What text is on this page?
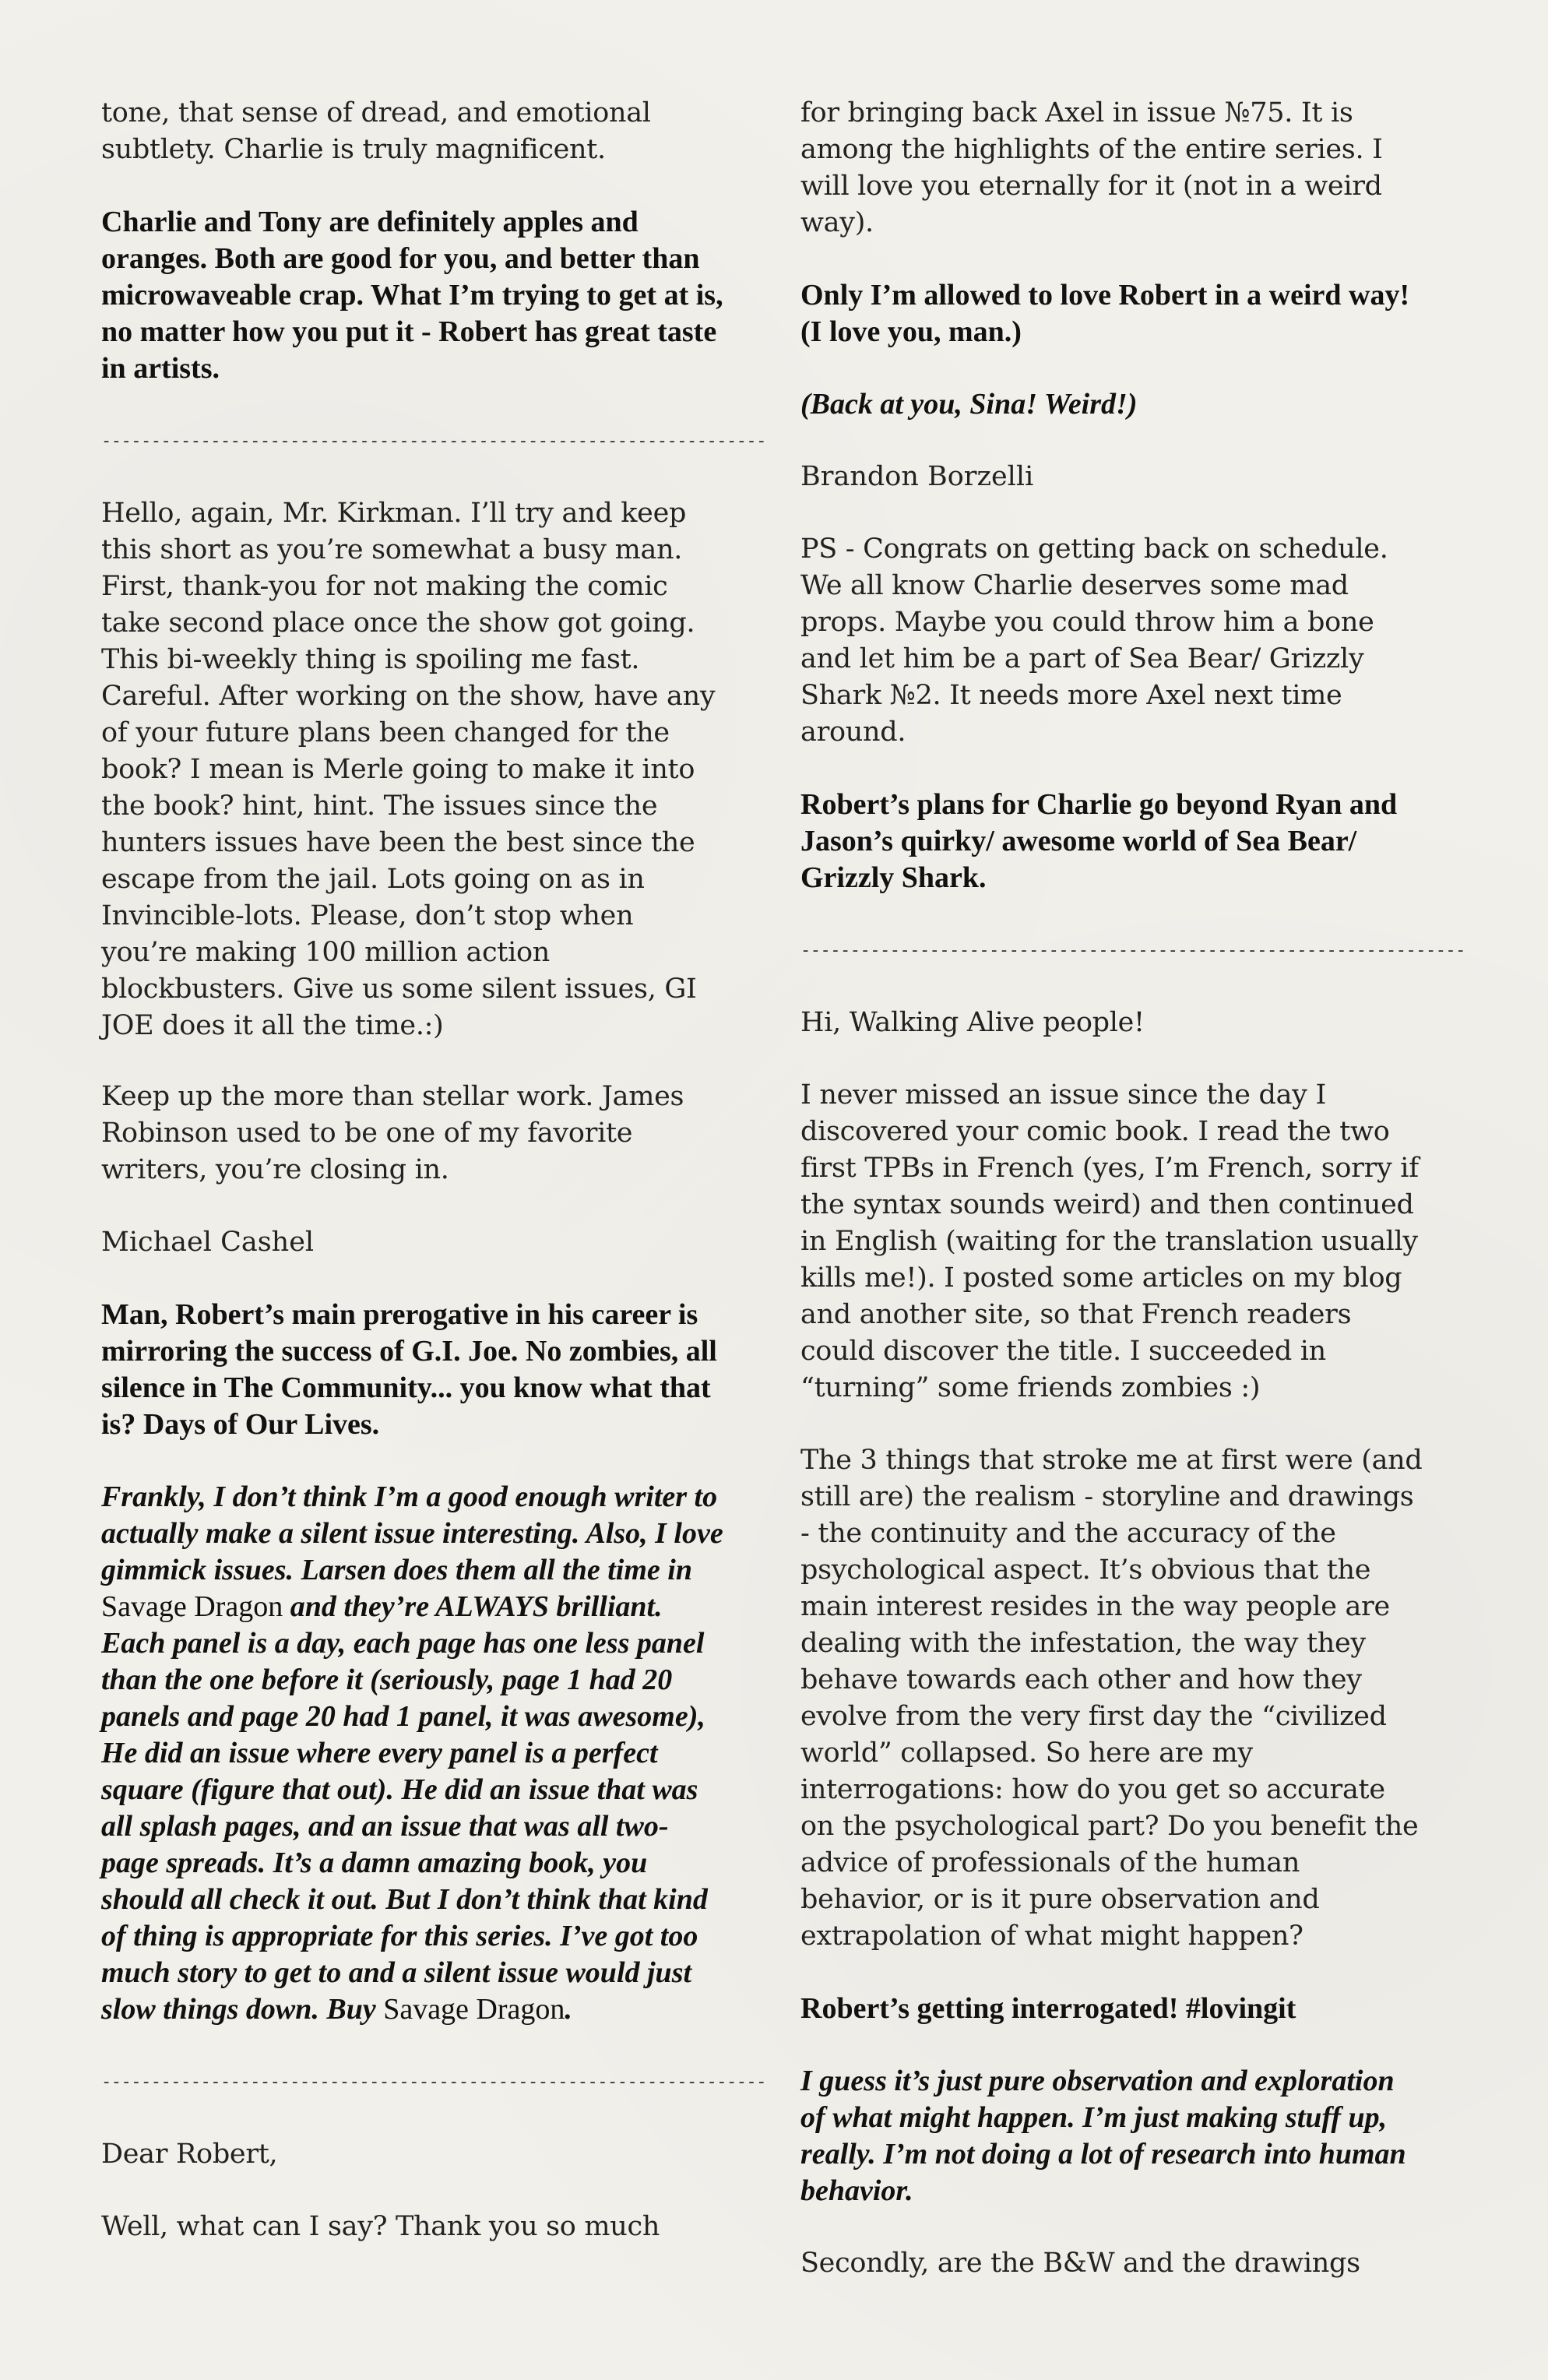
tone, that sense of dread, and emotional subtlety. Charlie is truly magnificent.

Charlie and Tony are definitely apples and oranges. Both are good for you, and better than microwaveable crap. What I’m trying to get at is, no matter how you put it - Robert has great taste in artists.

-------------------------------------------------------------------

Hello, again, Mr. Kirkman. I’ll try and keep this short as you’re somewhat a busy man. First, thank-you for not making the comic take second place once the show got going. This bi-weekly thing is spoiling me fast. Careful. After working on the show, have any of your future plans been changed for the book? I mean is Merle going to make it into the book? hint, hint. The issues since the hunters issues have been the best since the escape from the jail. Lots going on as in Invincible-lots. Please, don’t stop when you’re making 100 million action blockbusters. Give us some silent issues, GI JOE does it all the time.:)

Keep up the more than stellar work. James Robinson used to be one of my favorite writers, you’re closing in.

Michael Cashel

Man, Robert’s main prerogative in his career is mirroring the success of G.I. Joe. No zombies, all silence in The Community... you know what that is? Days of Our Lives.

Frankly, I don’t think I’m a good enough writer to actually make a silent issue interesting. Also, I love gimmick issues. Larsen does them all the time in Savage Dragon and they’re ALWAYS brilliant. Each panel is a day, each page has one less panel than the one before it (seriously, page 1 had 20 panels and page 20 had 1 panel, it was awesome), He did an issue where every panel is a perfect square (figure that out). He did an issue that was all splash pages, and an issue that was all two-page spreads. It’s a damn amazing book, you should all check it out. But I don’t think that kind of thing is appropriate for this series. I’ve got too much story to get to and a silent issue would just slow things down. Buy Savage Dragon.

-------------------------------------------------------------------

Dear Robert,

Well, what can I say? Thank you so much

for bringing back Axel in issue №75. It is among the highlights of the entire series. I will love you eternally for it (not in a weird way).

Only I’m allowed to love Robert in a weird way! (I love you, man.)

(Back at you, Sina! Weird!)

Brandon Borzelli

PS - Congrats on getting back on schedule. We all know Charlie deserves some mad props. Maybe you could throw him a bone and let him be a part of Sea Bear/ Grizzly Shark №2. It needs more Axel next time around.

Robert’s plans for Charlie go beyond Ryan and Jason’s quirky/ awesome world of Sea Bear/ Grizzly Shark.

-------------------------------------------------------------------

Hi, Walking Alive people!

I never missed an issue since the day I discovered your comic book. I read the two first TPBs in French (yes, I’m French, sorry if the syntax sounds weird) and then continued in English (waiting for the translation usually kills me!). I posted some articles on my blog and another site, so that French readers could discover the title. I succeeded in “turning” some friends zombies :)

The 3 things that stroke me at first were (and still are) the realism - storyline and drawings - the continuity and the accuracy of the psychological aspect. It’s obvious that the main interest resides in the way people are dealing with the infestation, the way they behave towards each other and how they evolve from the very first day the “civilized world” collapsed. So here are my interrogations: how do you get so accurate on the psychological part? Do you benefit the advice of professionals of the human behavior, or is it pure observation and extrapolation of what might happen?

Robert’s getting interrogated! #lovingit

I guess it’s just pure observation and exploration of what might happen. I’m just making stuff up, really. I’m not doing a lot of research into human behavior.

Secondly, are the B&W and the drawings
